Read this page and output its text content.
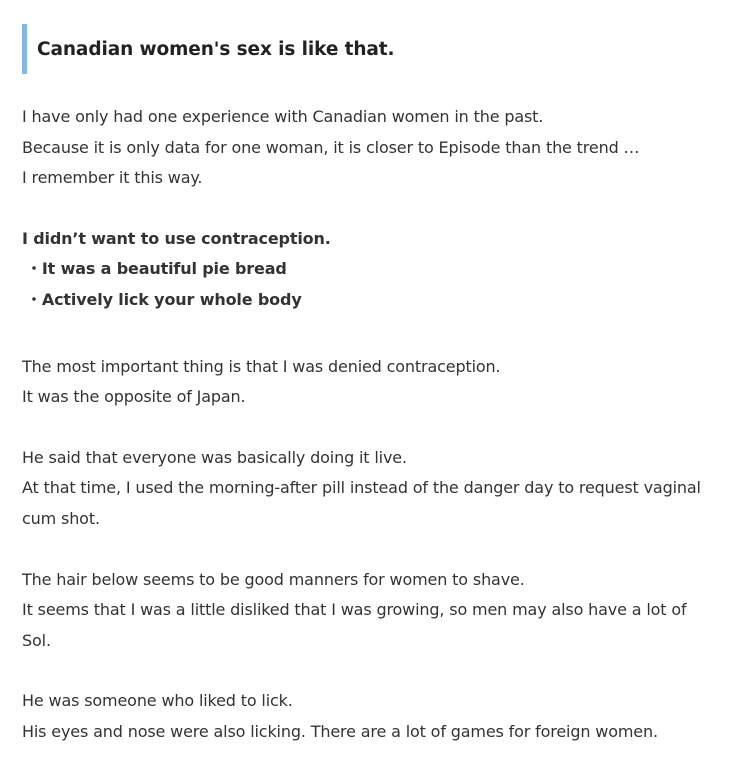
Canadian women's sex is like that.

I have only had one experience with Canadian women in the past.
Because it is only data for one woman, it is closer to Episode than the trend …
I remember it this way.

I didn’t want to use contraception.
・It was a beautiful pie bread
・Actively lick your whole body

The most important thing is that I was denied contraception.
It was the opposite of Japan.

He said that everyone was basically doing it live.
At that time, I used the morning-after pill instead of the danger day to request vaginal cum shot.

The hair below seems to be good manners for women to shave.
It seems that I was a little disliked that I was growing, so men may also have a lot of Sol.

He was someone who liked to lick.
His eyes and nose were also licking. There are a lot of games for foreign women.
